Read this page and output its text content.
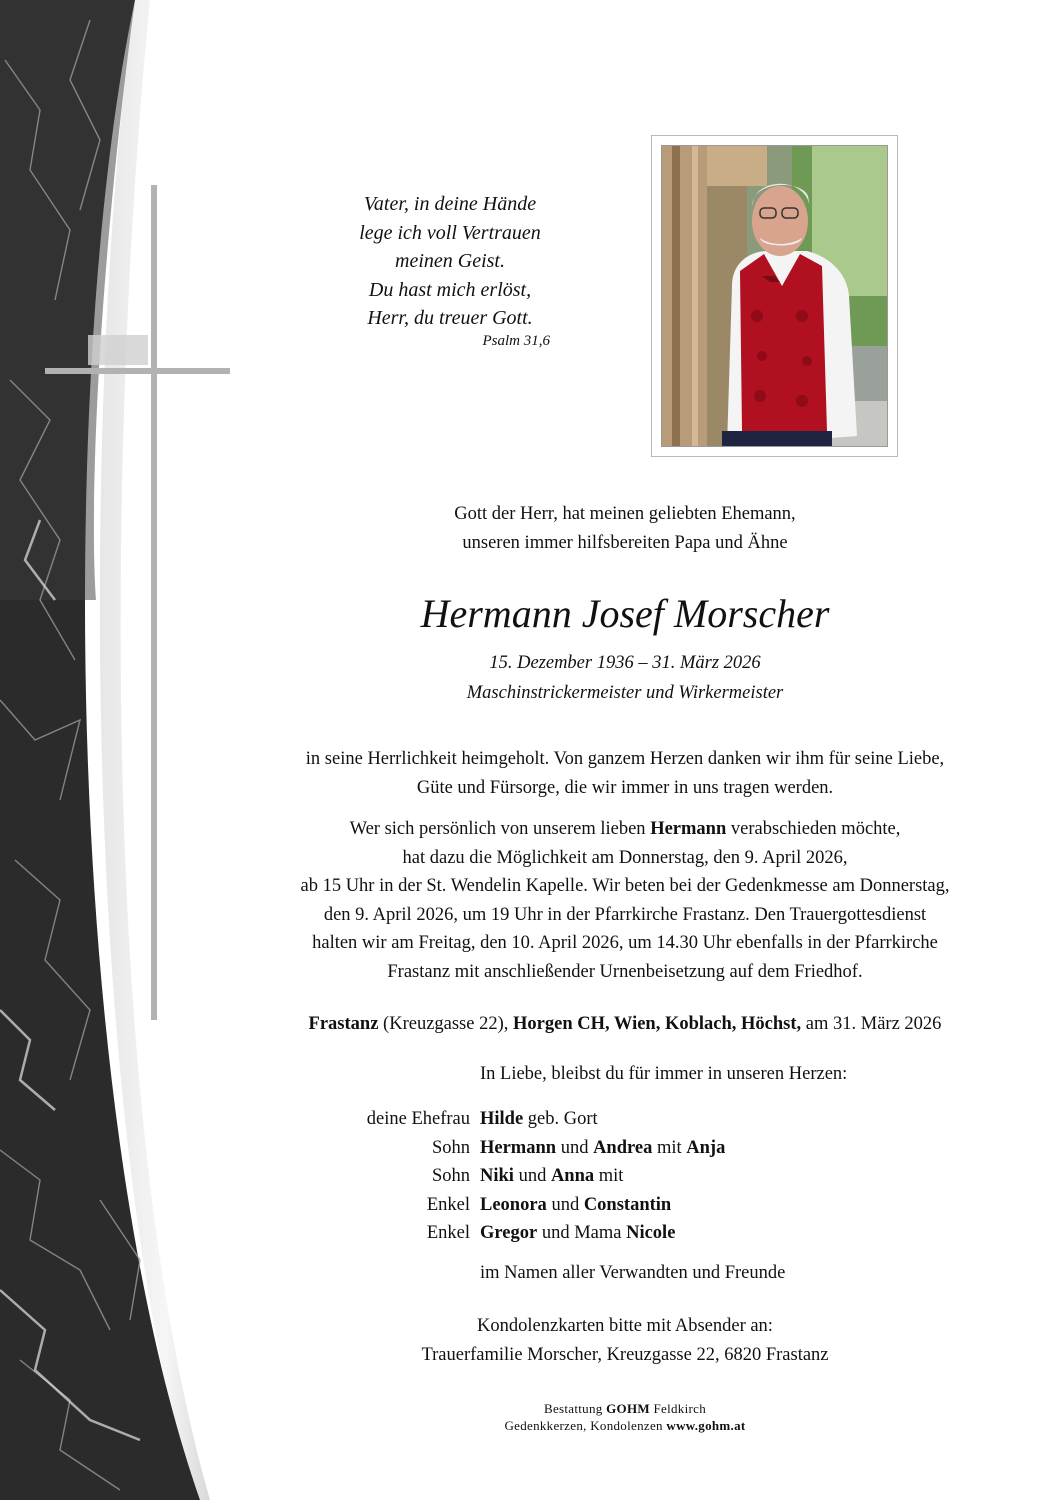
Vater, in deine Hände
lege ich voll Vertrauen
meinen Geist.
Du hast mich erlöst,
Herr, du treuer Gott.
Psalm 31,6
Gott der Herr, hat meinen geliebten Ehemann,
unseren immer hilfsbereiten Papa und Ähne
Hermann Josef Morscher
15. Dezember 1936 – 31. März 2026
Maschinstrickermeister und Wirkermeister
in seine Herrlichkeit heimgeholt. Von ganzem Herzen danken wir ihm für seine Liebe,
Güte und Fürsorge, die wir immer in uns tragen werden.
Wer sich persönlich von unserem lieben Hermann verabschieden möchte,
hat dazu die Möglichkeit am Donnerstag, den 9. April 2026,
ab 15 Uhr in der St. Wendelin Kapelle. Wir beten bei der Gedenkmesse am Donnerstag,
den 9. April 2026, um 19 Uhr in der Pfarrkirche Frastanz. Den Trauergottesdienst
halten wir am Freitag, den 10. April 2026, um 14.30 Uhr ebenfalls in der Pfarrkirche
Frastanz mit anschließender Urnenbeisetzung auf dem Friedhof.
Frastanz (Kreuzgasse 22), Horgen CH, Wien, Koblach, Höchst, am 31. März 2026
In Liebe, bleibst du für immer in unseren Herzen:
deine Ehefrau	Hilde geb. Gort
Sohn	Hermann und Andrea mit Anja
Sohn	Niki und Anna mit
Enkel	Leonora und Constantin
Enkel	Gregor und Mama Nicole
im Namen aller Verwandten und Freunde
Kondolenzkarten bitte mit Absender an:
Trauerfamilie Morscher, Kreuzgasse 22, 6820 Frastanz
Bestattung GOHM Feldkirch
Gedenkkerzen, Kondolenzen www.gohm.at
